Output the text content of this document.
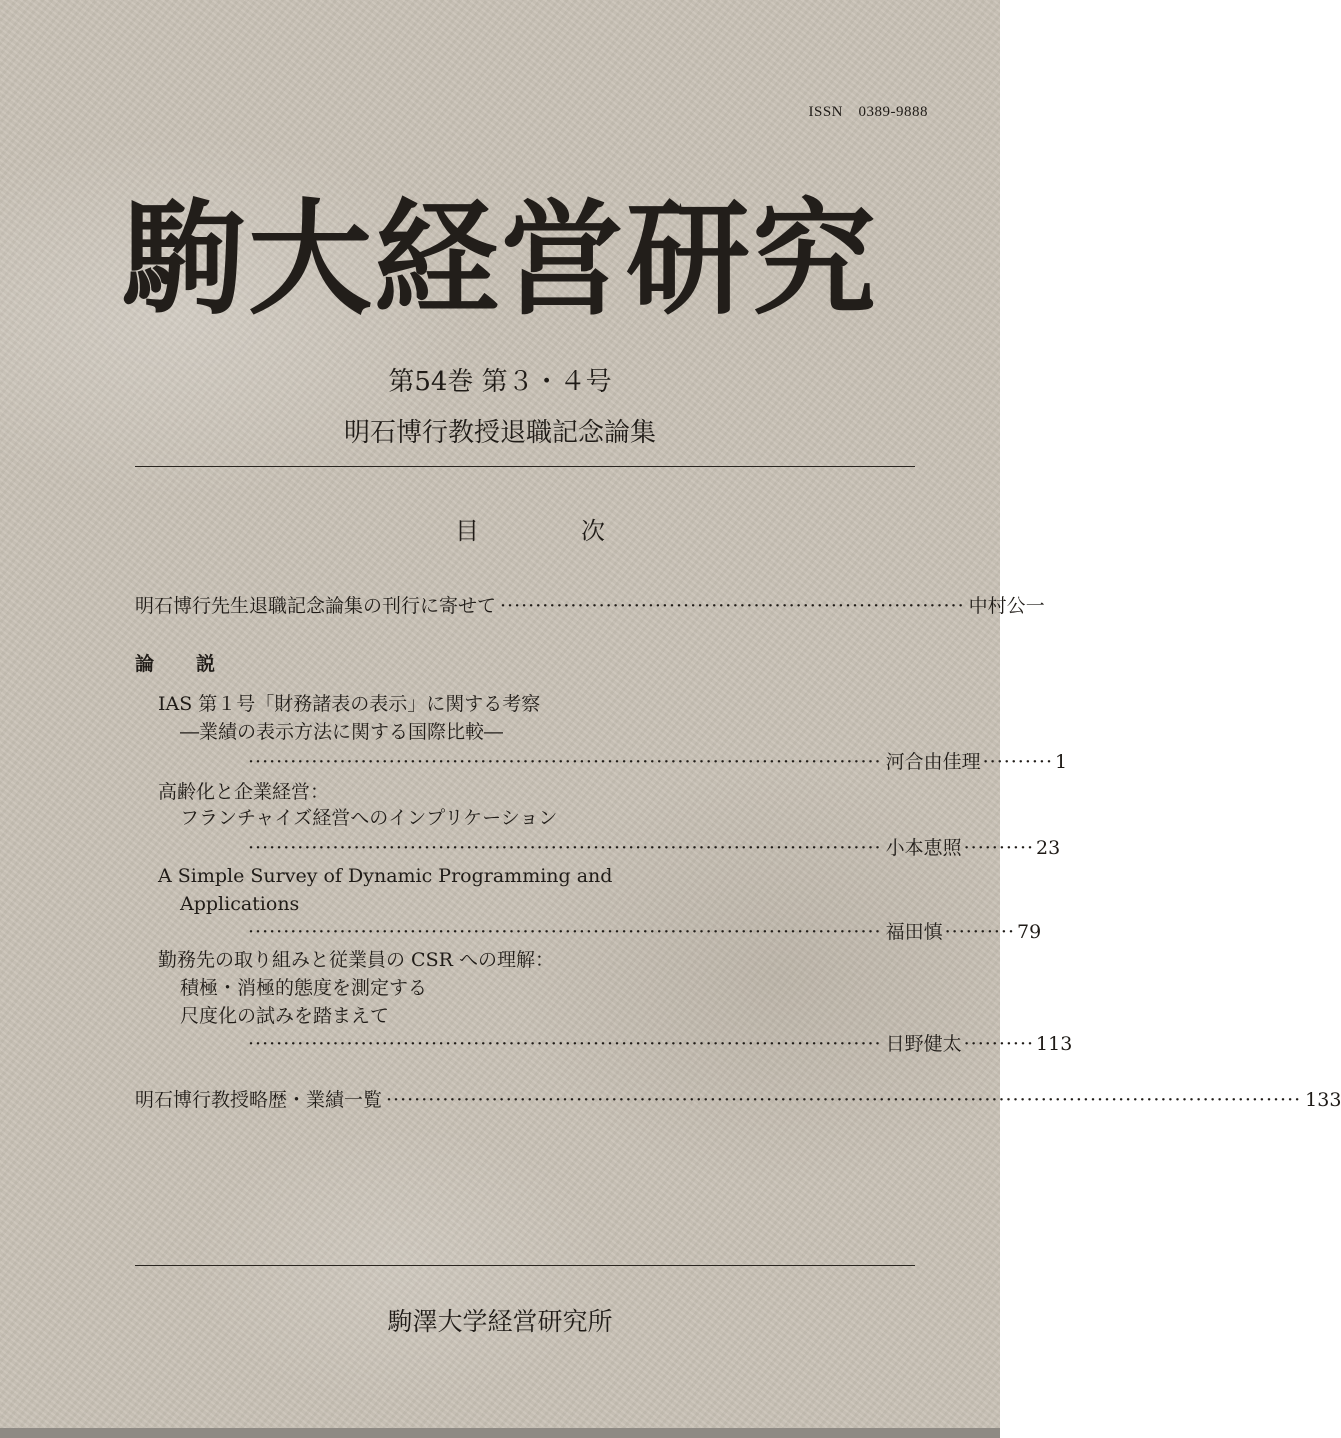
ISSN　0389-9888
駒大経営研究
第54巻 第３・４号
明石博行教授退職記念論集
目	次
明石博行先生退職記念論集の刊行に寄せて ·································································· 中 村 公 一
論 説
IAS 第１号「財務諸表の表示」に関する考察
―業績の表示方法に関する国際比較―
·························································································· 河 合 由佳理 ·········· 1
高齢化と企業経営：
フランチャイズ経営へのインプリケーション
·························································································· 小 本 恵 照 ·········· 23
A Simple Survey of Dynamic Programming and
Applications
·························································································· 福 田 慎 ·········· 79
勤務先の取り組みと従業員の CSR への理解：
積極・消極的態度を測定する
尺度化の試みを踏まえて
·························································································· 日 野 健 太 ·········· 113
明石博行教授略歴・業績一覧 ·································································································································· 133
駒澤大学経営研究所
